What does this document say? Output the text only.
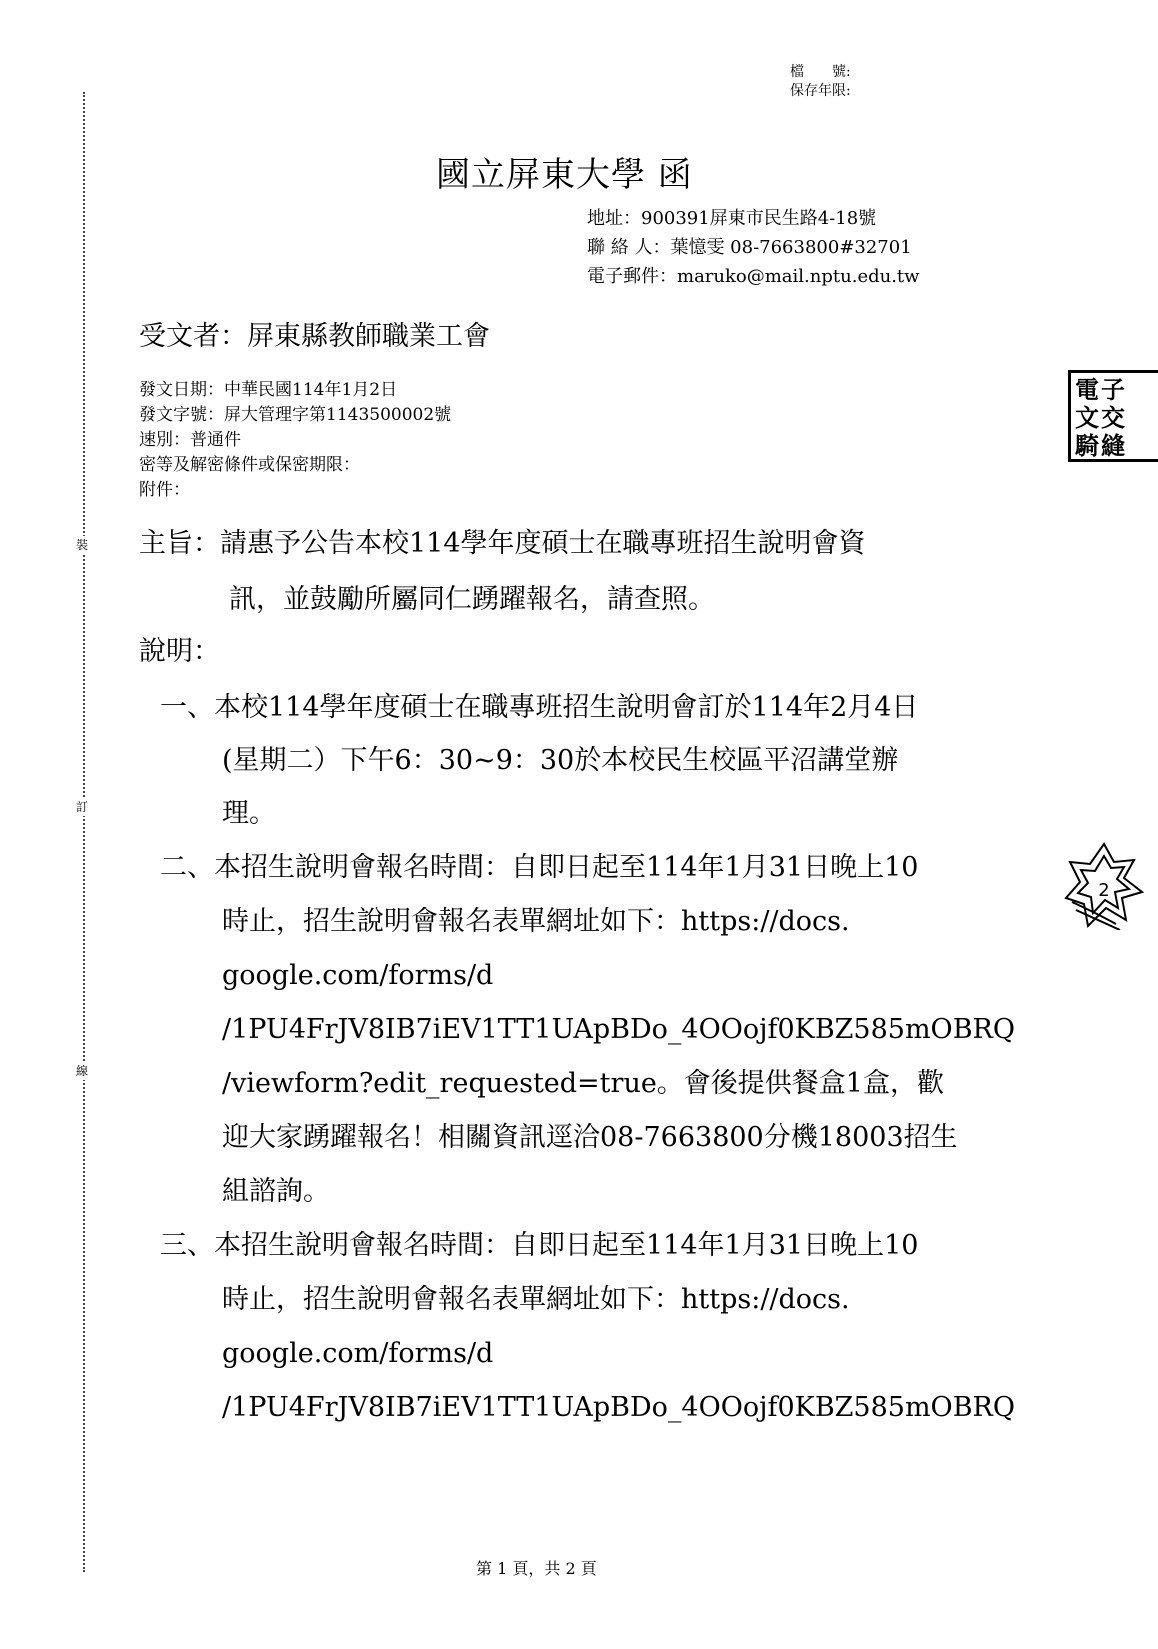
裝
訂
線
檔　　號:
保存年限:
國立屏東大學 函
地址：900391屏東市民生路4-18號
聯 絡 人：葉憶雯 08-7663800#32701
電子郵件：maruko@mail.nptu.edu.tw
受文者：屏東縣教師職業工會
發文日期：中華民國114年1月2日
發文字號：屏大管理字第1143500002號
速別：普通件
密等及解密條件或保密期限：
附件：
主旨：請惠予公告本校114學年度碩士在職專班招生說明會資
訊，並鼓勵所屬同仁踴躍報名，請查照。
說明：
一、本校114學年度碩士在職專班招生說明會訂於114年2月4日
(星期二）下午6：30~9：30於本校民生校區平沼講堂辦
理。
二、本招生說明會報名時間：自即日起至114年1月31日晚上10
時止，招生說明會報名表單網址如下：https://docs.
google.com/forms/d
/1PU4FrJV8IB7iEV1TT1UApBDo_4OOojf0KBZ585mOBRQ
/viewform?edit_requested=true。會後提供餐盒1盒，歡
迎大家踴躍報名！相關資訊逕洽08-7663800分機18003招生
組諮詢。
三、本招生說明會報名時間：自即日起至114年1月31日晚上10
時止，招生說明會報名表單網址如下：https://docs.
google.com/forms/d
/1PU4FrJV8IB7iEV1TT1UApBDo_4OOojf0KBZ585mOBRQ
電子
文交
騎縫
2
第 1 頁，共 2 頁
